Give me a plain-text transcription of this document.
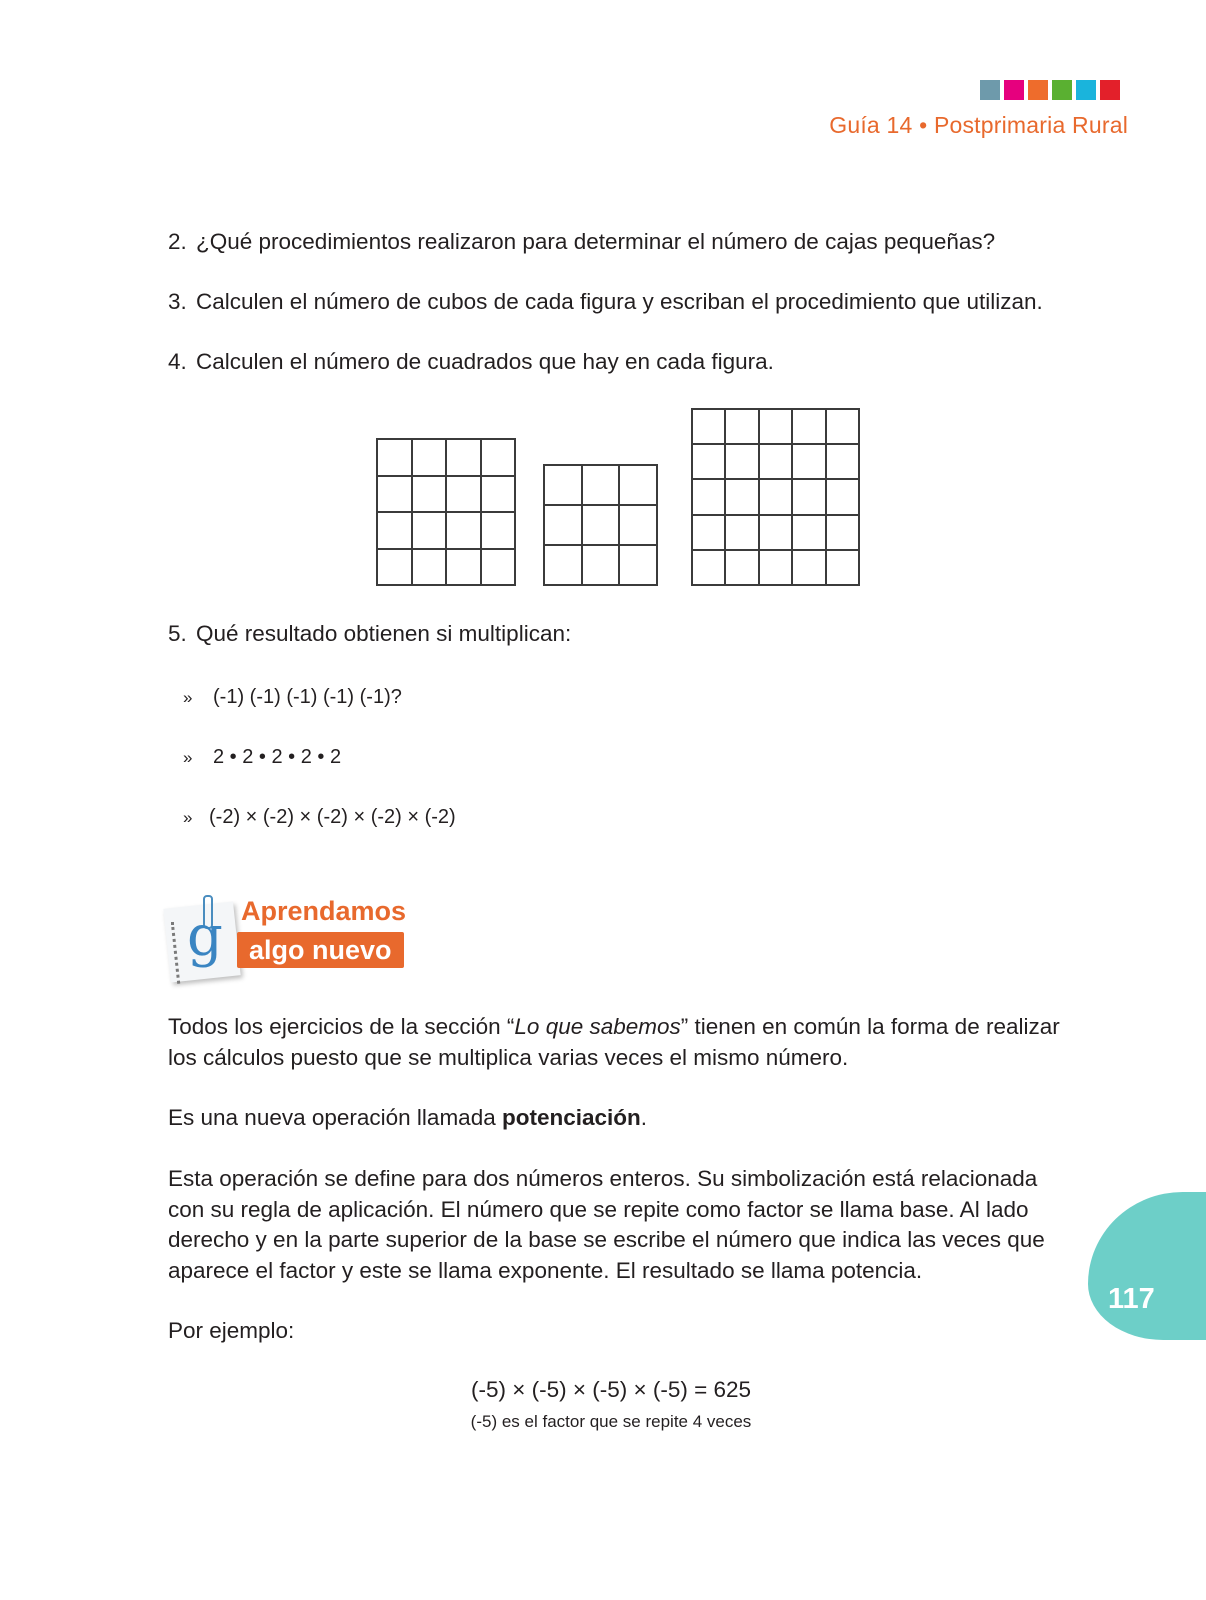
Guía 14 • Postprimaria Rural
2. ¿Qué procedimientos realizaron para determinar el número de cajas pequeñas?
3. Calculen el número de cubos de cada figura y escriban el procedimiento que utilizan.
4. Calculen el número de cuadrados que hay en cada figura.

5. Qué resultado obtienen si multiplican:
» (-1) (-1) (-1) (-1) (-1)?
» 2 • 2 • 2 • 2 • 2
» (-2) × (-2) × (-2) × (-2) × (-2)
g Aprendamos
algo nuevo
Todos los ejercicios de la sección “Lo que sabemos” tienen en común la forma de realizar los cálculos puesto que se multiplica varias veces el mismo número.
Es una nueva operación llamada potenciación.
Esta operación se define para dos números enteros. Su simbolización está relacionada con su regla de aplicación. El número que se repite como factor se llama base. Al lado derecho y en la parte superior de la base se escribe el número que indica las veces que aparece el factor y este se llama exponente. El resultado se llama potencia.
Por ejemplo:
(-5) × (-5) × (-5) × (-5) = 625
(-5) es el factor que se repite 4 veces
117
